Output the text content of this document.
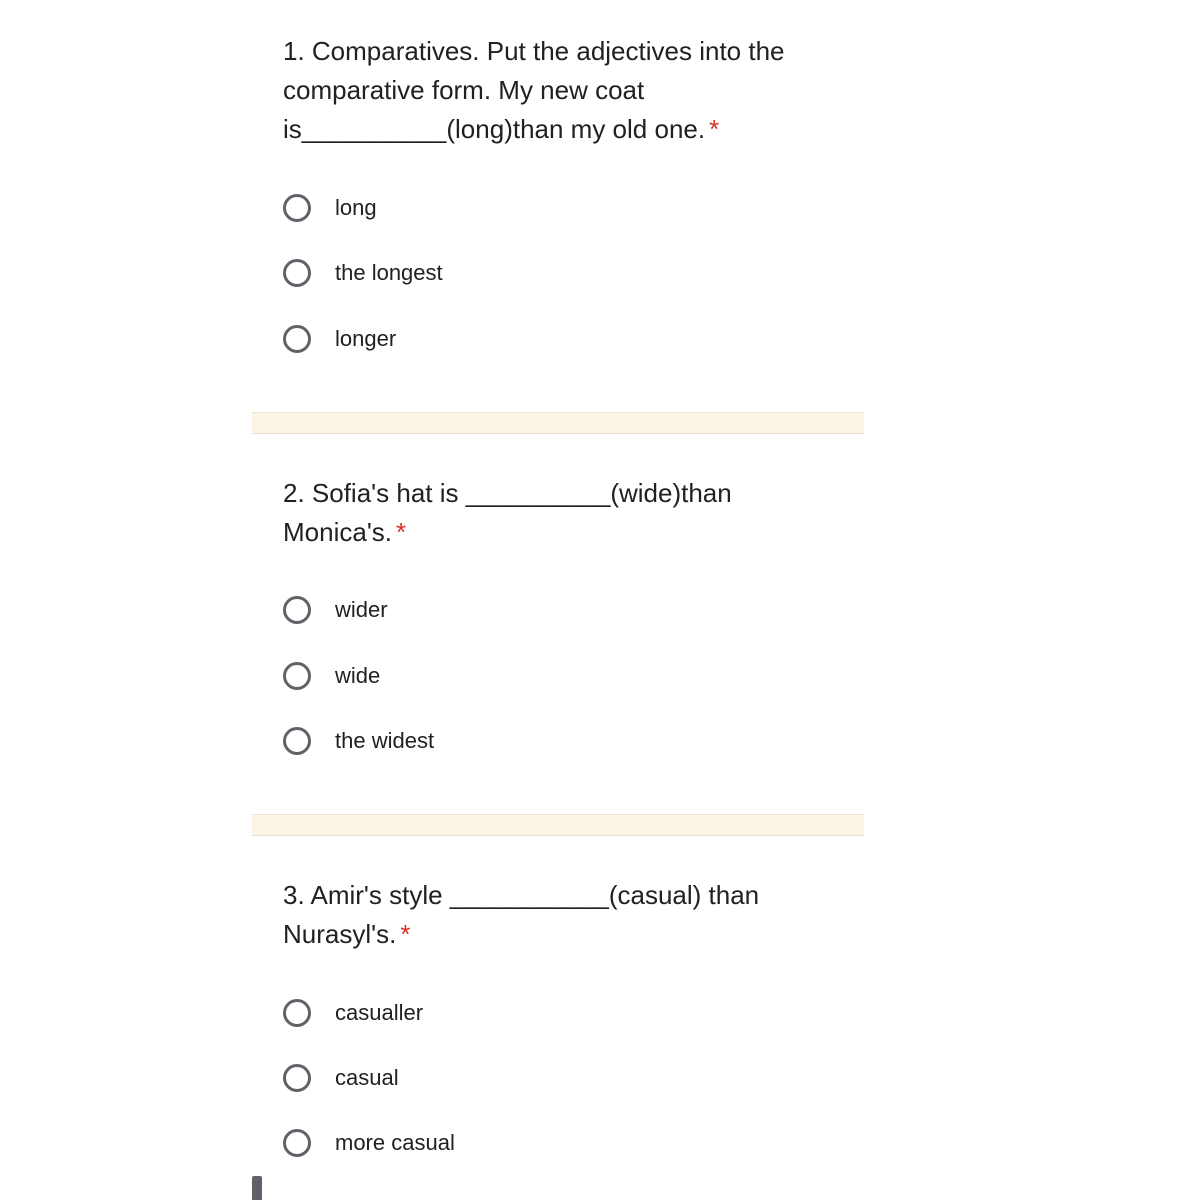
1. Comparatives. Put the adjectives into the comparative form. My new coat is__________(long)than my old one. *
long
the longest
longer
2. Sofia's hat is __________(wide)than Monica's. *
wider
wide
the widest
3. Amir's style ___________(casual) than Nurasyl's. *
casualler
casual
more casual
